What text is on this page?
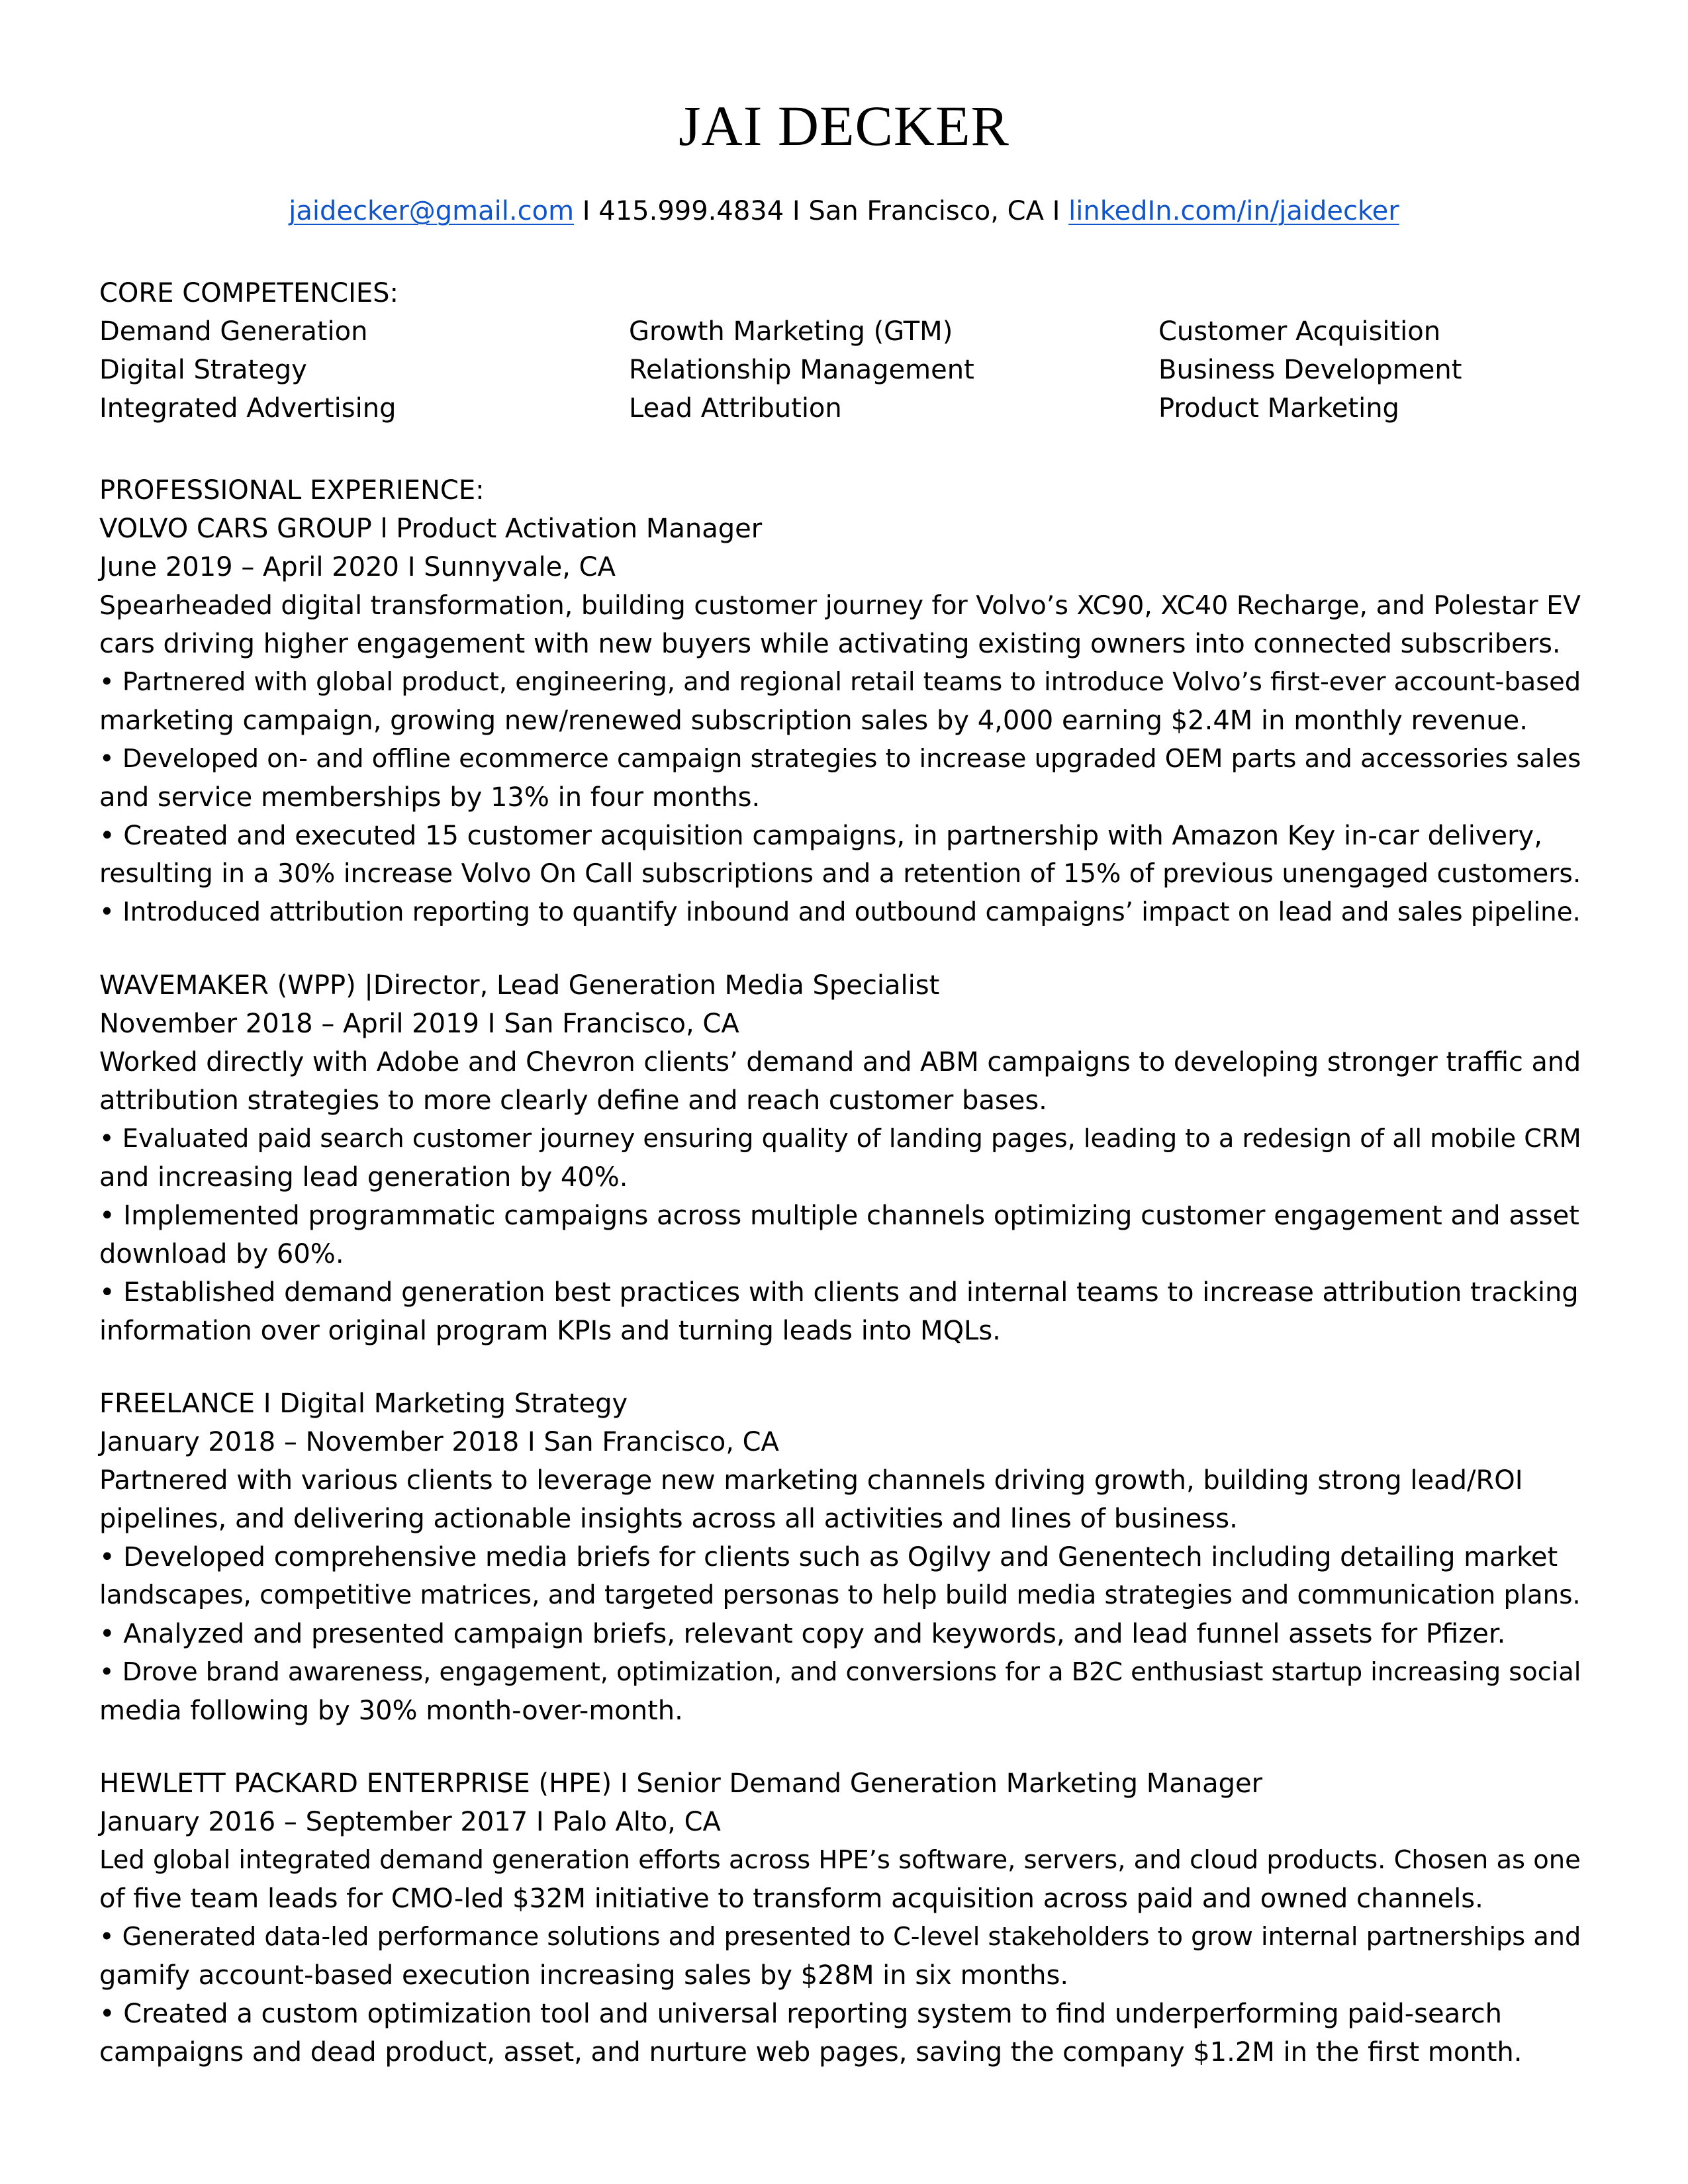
JAI DECKER
jaidecker@gmail.com I 415.999.4834 I San Francisco, CA I linkedIn.com/in/jaidecker
CORE COMPETENCIES:
Demand Generation	Growth Marketing (GTM)	Customer Acquisition
Digital Strategy	Relationship Management	Business Development
Integrated Advertising	Lead Attribution	Product Marketing
PROFESSIONAL EXPERIENCE:
VOLVO CARS GROUP l Product Activation Manager
June 2019 – April 2020 I Sunnyvale, CA
Spearheaded digital transformation, building customer journey for Volvo’s XC90, XC40 Recharge, and Polestar EV
cars driving higher engagement with new buyers while activating existing owners into connected subscribers.
• Partnered with global product, engineering, and regional retail teams to introduce Volvo’s first-ever account-based
marketing campaign, growing new/renewed subscription sales by 4,000 earning $2.4M in monthly revenue.
• Developed on- and offline ecommerce campaign strategies to increase upgraded OEM parts and accessories sales
and service memberships by 13% in four months.
• Created and executed 15 customer acquisition campaigns, in partnership with Amazon Key in-car delivery,
resulting in a 30% increase Volvo On Call subscriptions and a retention of 15% of previous unengaged customers.
• Introduced attribution reporting to quantify inbound and outbound campaigns’ impact on lead and sales pipeline.
WAVEMAKER (WPP) |Director, Lead Generation Media Specialist
November 2018 – April 2019 I San Francisco, CA
Worked directly with Adobe and Chevron clients’ demand and ABM campaigns to developing stronger traffic and
attribution strategies to more clearly define and reach customer bases.
• Evaluated paid search customer journey ensuring quality of landing pages, leading to a redesign of all mobile CRM
and increasing lead generation by 40%.
• Implemented programmatic campaigns across multiple channels optimizing customer engagement and asset
download by 60%.
• Established demand generation best practices with clients and internal teams to increase attribution tracking
information over original program KPIs and turning leads into MQLs.
FREELANCE I Digital Marketing Strategy
January 2018 – November 2018 I San Francisco, CA
Partnered with various clients to leverage new marketing channels driving growth, building strong lead/ROI
pipelines, and delivering actionable insights across all activities and lines of business.
• Developed comprehensive media briefs for clients such as Ogilvy and Genentech including detailing market
landscapes, competitive matrices, and targeted personas to help build media strategies and communication plans.
• Analyzed and presented campaign briefs, relevant copy and keywords, and lead funnel assets for Pfizer.
• Drove brand awareness, engagement, optimization, and conversions for a B2C enthusiast startup increasing social
media following by 30% month-over-month.
HEWLETT PACKARD ENTERPRISE (HPE) I Senior Demand Generation Marketing Manager
January 2016 – September 2017 I Palo Alto, CA
Led global integrated demand generation efforts across HPE’s software, servers, and cloud products. Chosen as one
of five team leads for CMO-led $32M initiative to transform acquisition across paid and owned channels.
• Generated data-led performance solutions and presented to C-level stakeholders to grow internal partnerships and
gamify account-based execution increasing sales by $28M in six months.
• Created a custom optimization tool and universal reporting system to find underperforming paid-search
campaigns and dead product, asset, and nurture web pages, saving the company $1.2M in the first month.
